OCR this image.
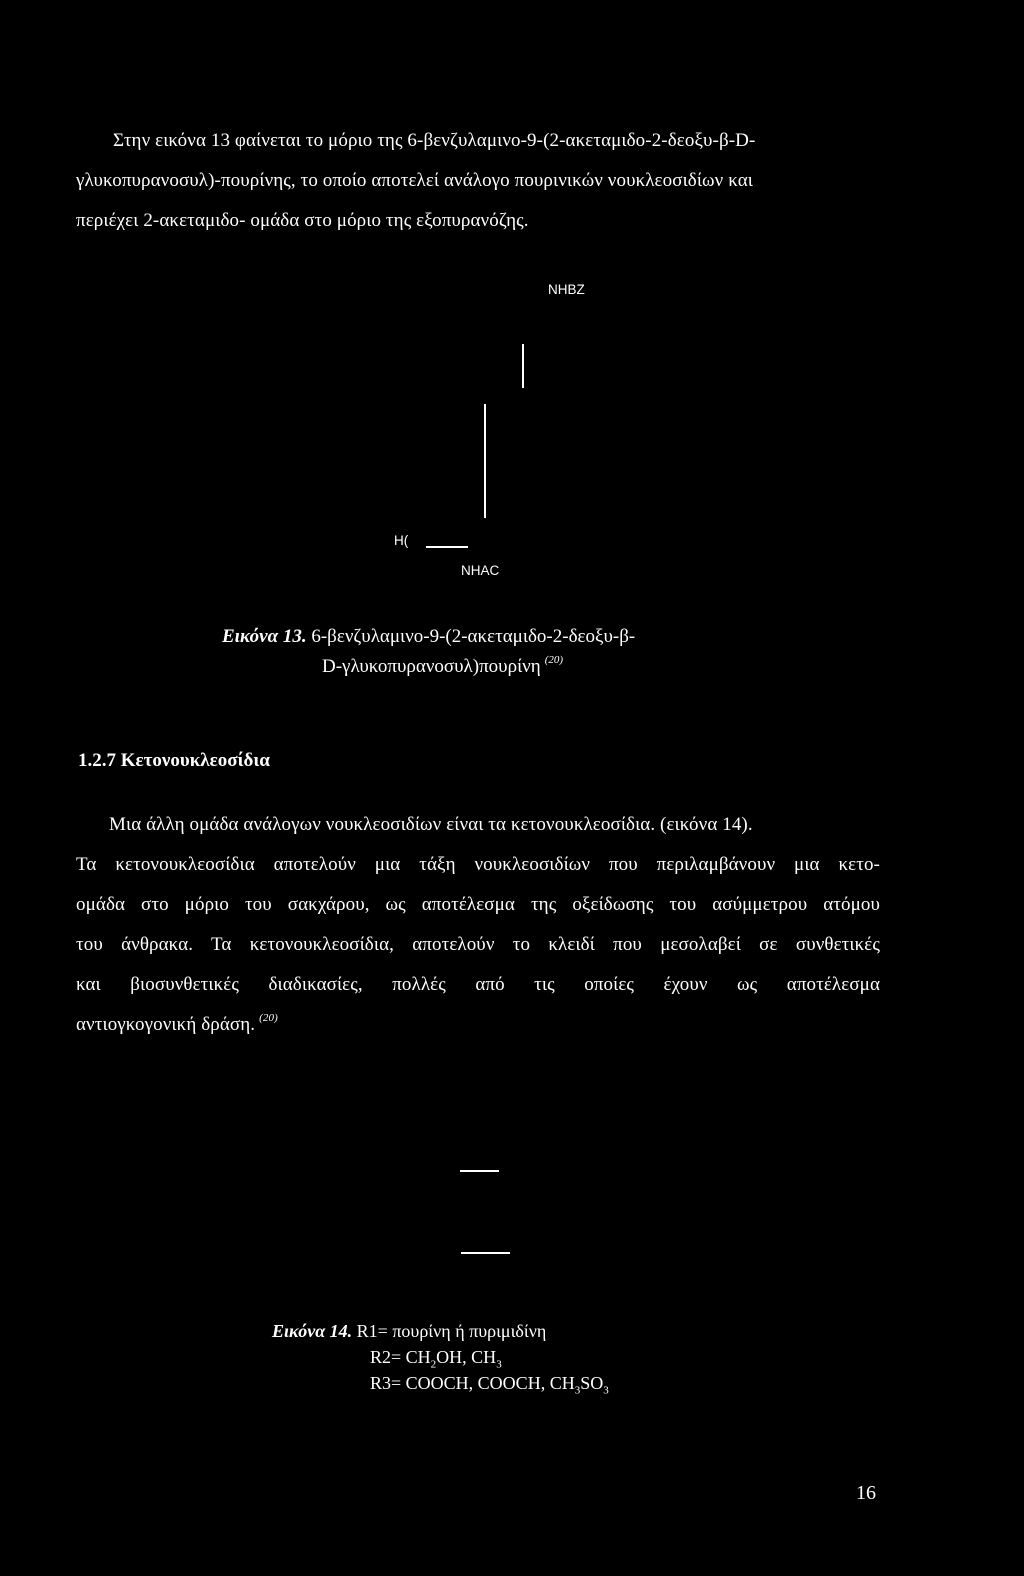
Στην εικόνα 13 φαίνεται το μόριο της 6-βενζυλαμινο-9-(2-ακεταμιδο-2-δεοξυ-β-D-
γλυκοπυρανοσυλ)-πουρίνης, το οποίο αποτελεί ανάλογο πουρινικών νουκλεοσιδίων και
περιέχει 2-ακεταμιδο- ομάδα στο μόριο της εξοπυρανόζης.
NHBZ
H(
NHAC
Εικόνα 13. 6-βενζυλαμινο-9-(2-ακεταμιδο-2-δεοξυ-β-
D-γλυκοπυρανοσυλ)πουρίνη $^{(20)}$
1.2.7 Κετονουκλεοσίδια
Μια άλλη ομάδα ανάλογων νουκλεοσιδίων είναι τα κετονουκλεοσίδια. (εικόνα 14).
Τα κετονουκλεοσίδια αποτελούν μια τάξη νουκλεοσιδίων που περιλαμβάνουν μια κετο-
ομάδα στο μόριο του σακχάρου, ως αποτέλεσμα της οξείδωσης του ασύμμετρου ατόμου
του άνθρακα. Τα κετονουκλεοσίδια, αποτελούν το κλειδί που μεσολαβεί σε συνθετικές
και βιοσυνθετικές διαδικασίες, πολλές από τις οποίες έχουν ως αποτέλεσμα
αντιογκογονική δράση. $^{(20)}$
Εικόνα 14. R1= πουρίνη ή πυριμιδίνη
$R2= CH_2OH$, $CH_3$
R3= COOCH, COOCH, $CH_3SO_3$
16
